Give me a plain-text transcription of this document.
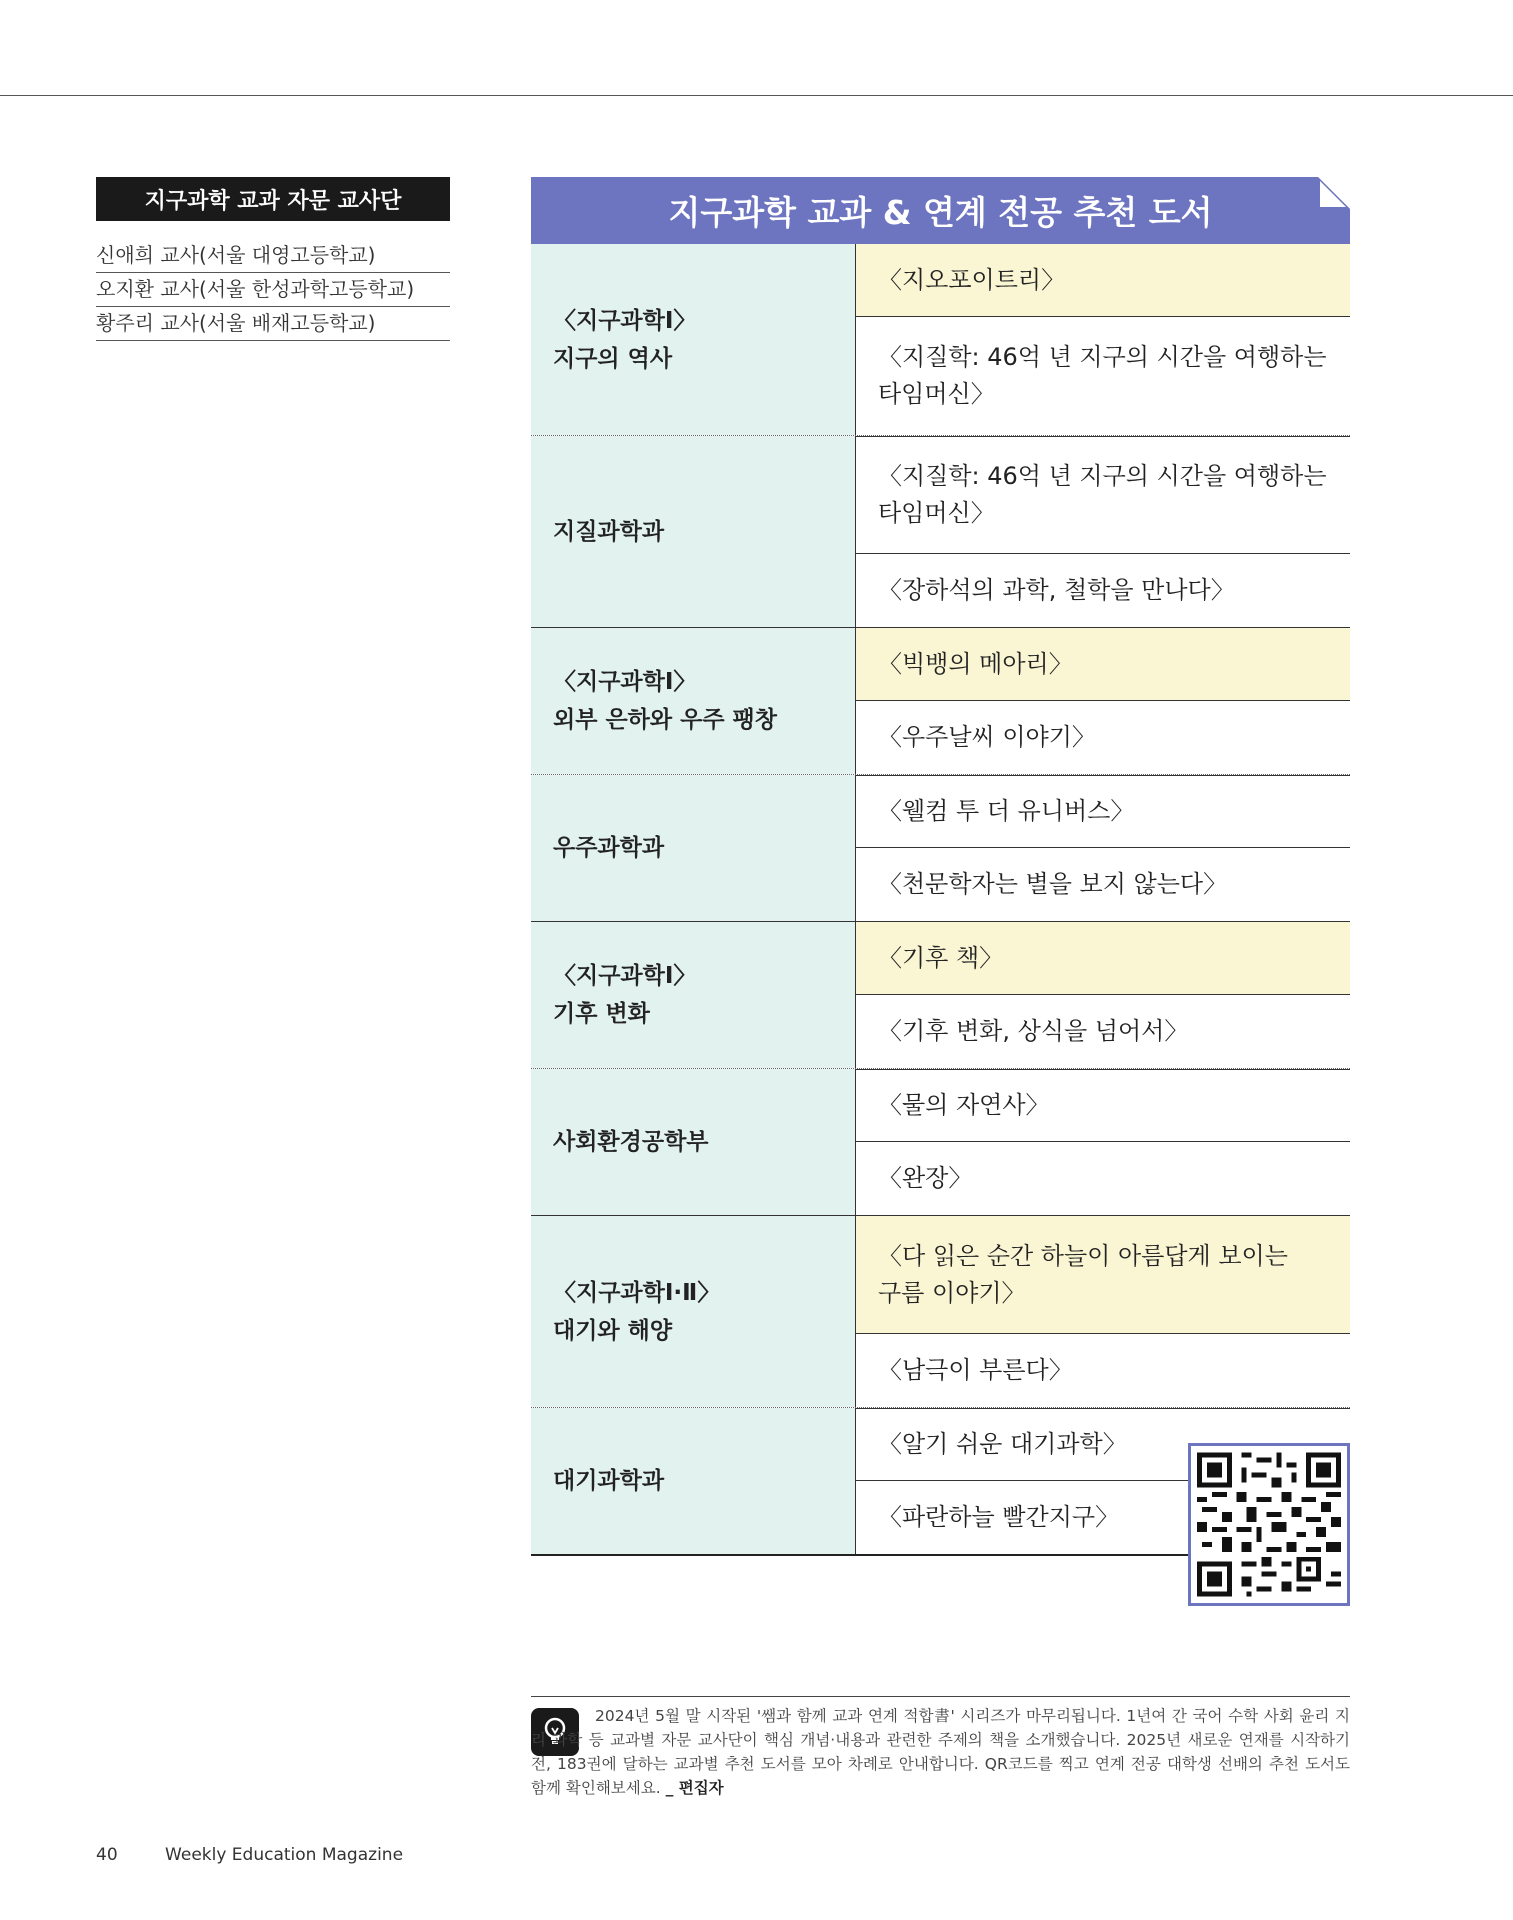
지구과학 교과 자문 교사단
신애희 교사(서울 대영고등학교)
오지환 교사(서울 한성과학고등학교)
황주리 교사(서울 배재고등학교)
지구과학 교과 & 연계 전공 추천 도서
〈지구과학Ⅰ〉
지구의 역사
〈지오포이트리〉
〈지질학: 46억 년 지구의 시간을 여행하는
타임머신〉
지질과학과
〈지질학: 46억 년 지구의 시간을 여행하는
타임머신〉
〈장하석의 과학, 철학을 만나다〉
〈지구과학Ⅰ〉
외부 은하와 우주 팽창
〈빅뱅의 메아리〉
〈우주날씨 이야기〉
우주과학과
〈웰컴 투 더 유니버스〉
〈천문학자는 별을 보지 않는다〉
〈지구과학Ⅰ〉
기후 변화
〈기후 책〉
〈기후 변화, 상식을 넘어서〉
사회환경공학부
〈물의 자연사〉
〈완장〉
〈지구과학Ⅰ·Ⅱ〉
대기와 해양
〈다 읽은 순간 하늘이 아름답게 보이는
구름 이야기〉
〈남극이 부른다〉
대기과학과
〈알기 쉬운 대기과학〉
〈파란하늘 빨간지구〉

2024년 5월 말 시작된 '쌤과 함께 교과 연계 적합書' 시리즈가 마무리됩니다. 1년여 간 국어 수학 사회 윤리 지리 과학 등 교과별 자문 교사단이 핵심 개념·내용과 관련한 주제의 책을 소개했습니다. 2025년 새로운 연재를 시작하기 전, 183권에 달하는 교과별 추천 도서를 모아 차례로 안내합니다. QR코드를 찍고 연계 전공 대학생 선배의 추천 도서도 함께 확인해보세요. _ 편집자

40	Weekly Education Magazine
